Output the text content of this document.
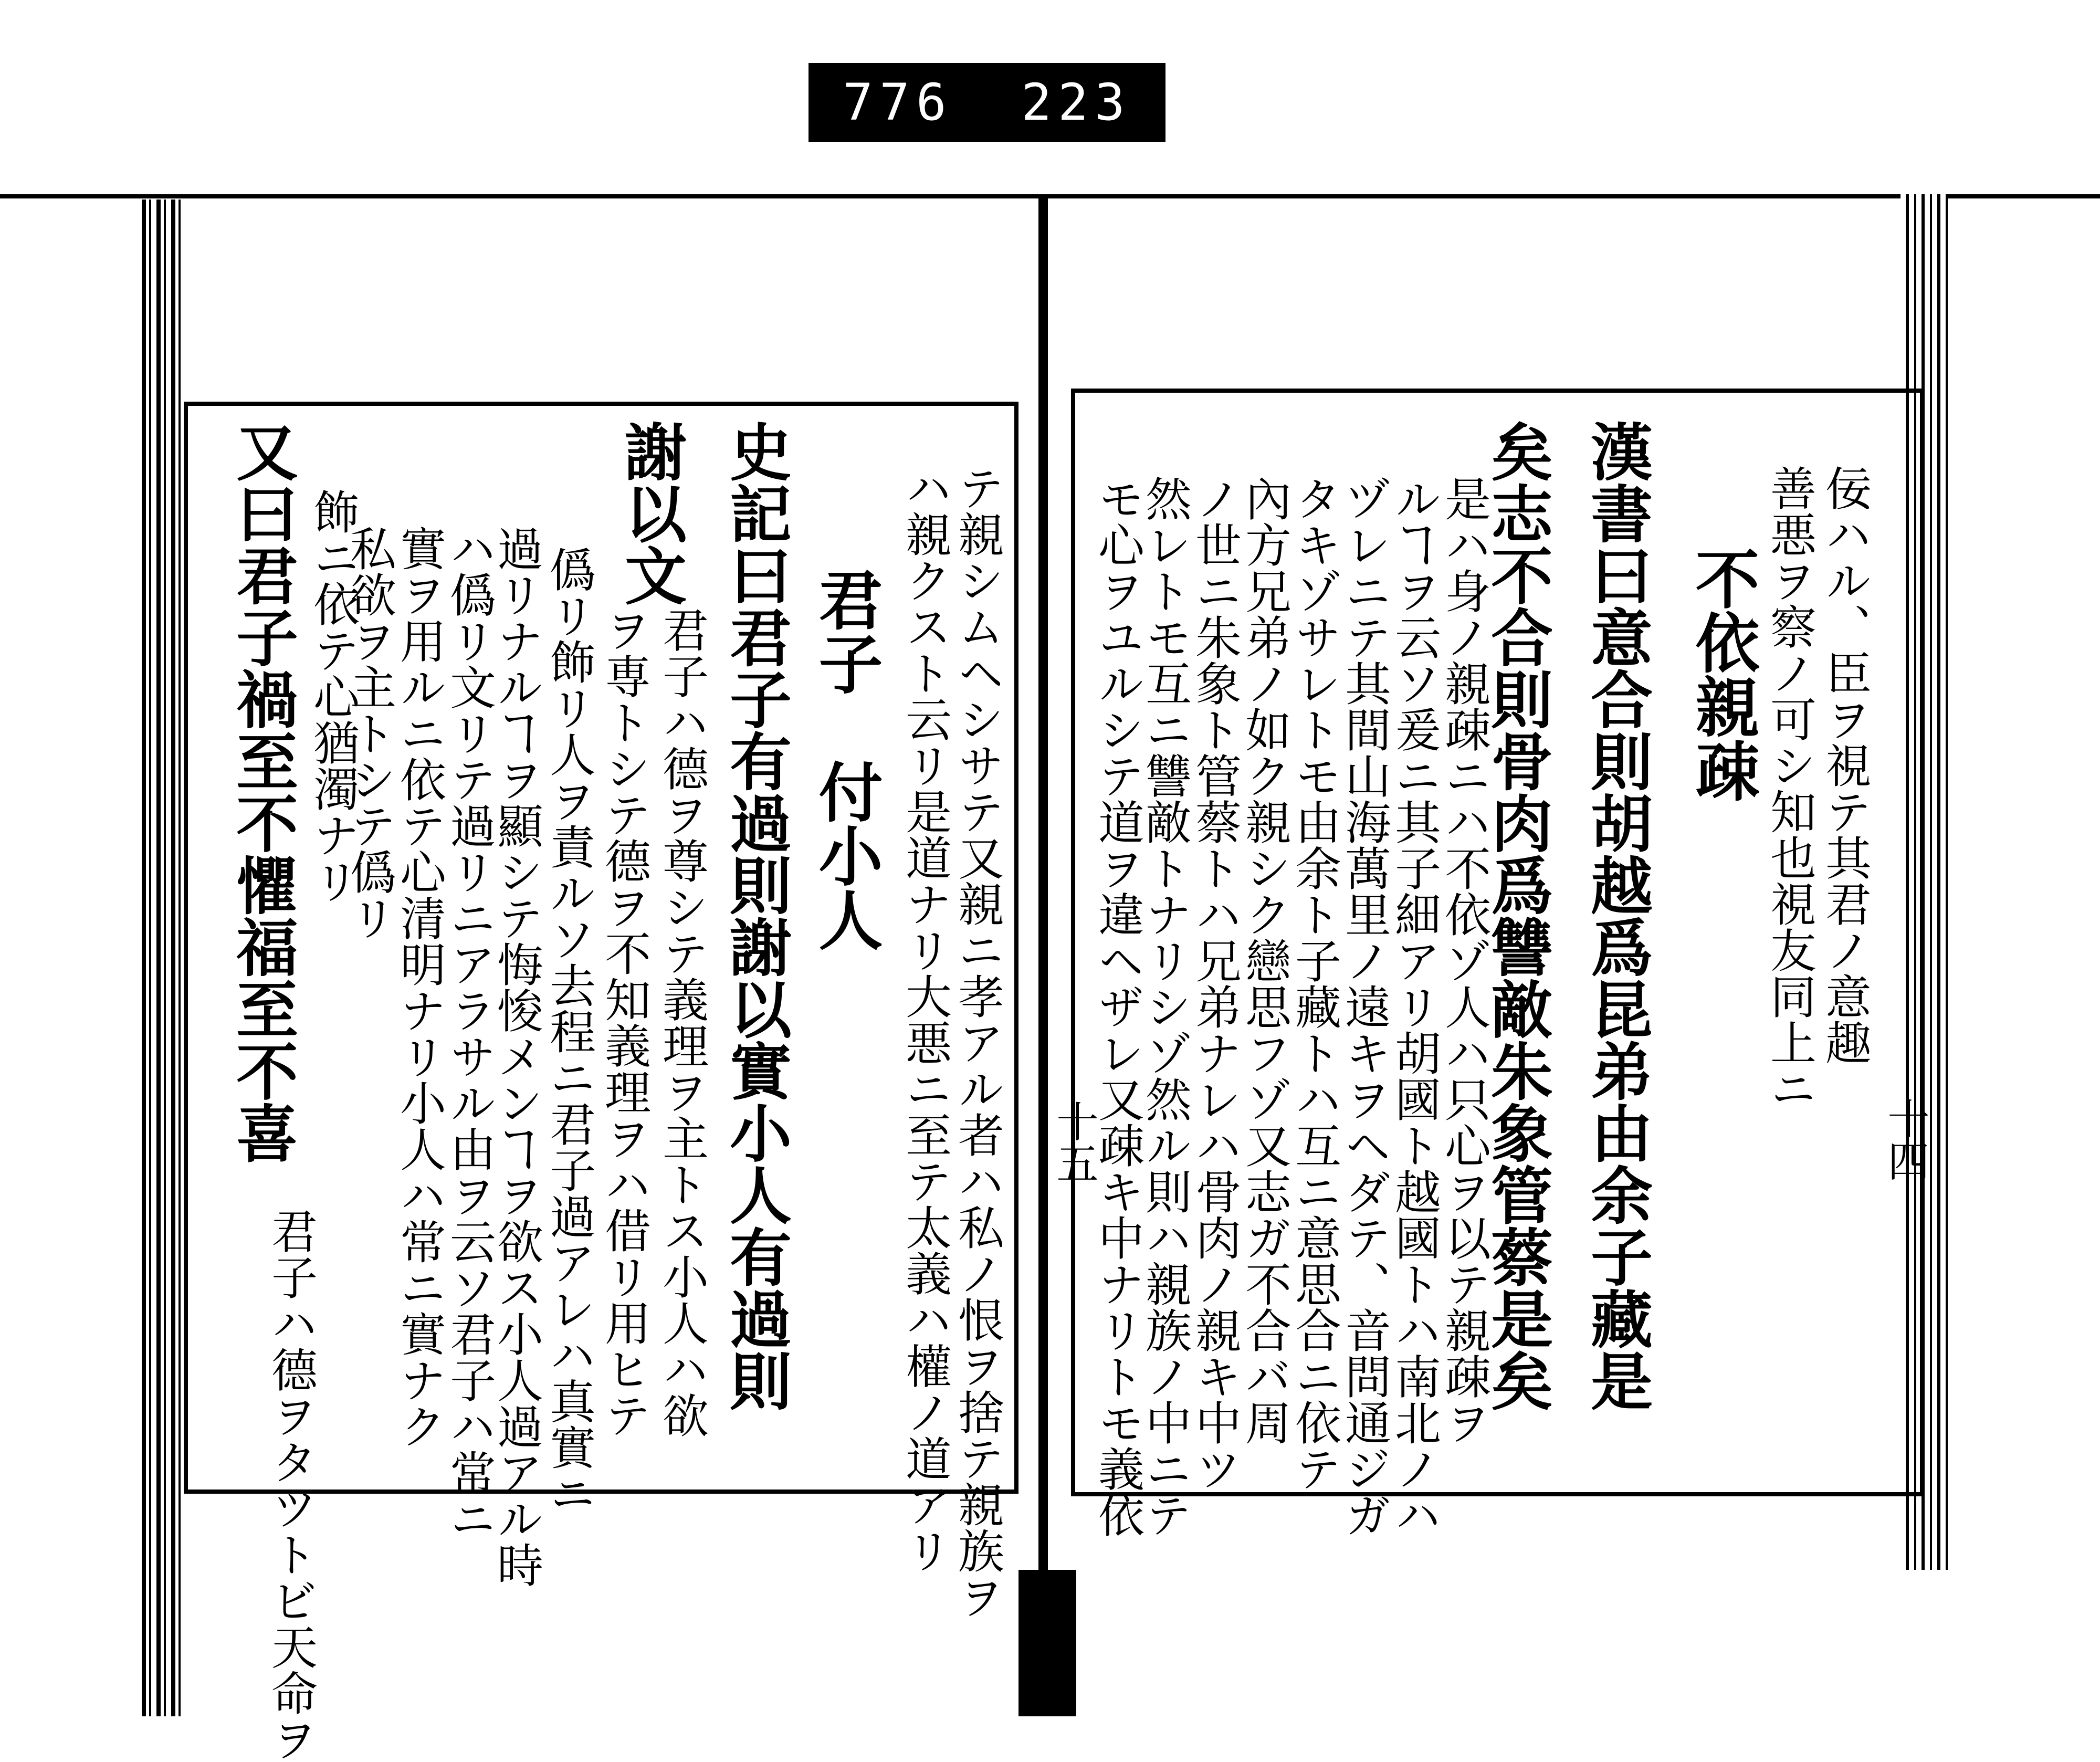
776 223
十五	十四
テ親シムヘシサテ又親ニ孝アル者ハ私ノ恨ヲ捨テ親族ヲ
ハ親クスト云リ是道ナリ大悪ニ至テ太義ハ權ノ道アリ
君子　付小人
史記曰君子有過則謝以實小人有過則
謝以文
君子ハ德ヲ尊シテ義理ヲ主トス小人ハ欲
ヲ専トシテ德ヲ不知義理ヲハ借リ用ヒテ
僞リ飾リ人ヲ責ルソ去程ニ君子過アレハ真實ニ
過リナルヿヲ顯シテ悔悛メンヿヲ欲ス小人過アル時
ハ僞リ文リテ過リニアラサル由ヲ云ソ君子ハ常ニ
實ヲ用ルニ依テ心清明ナリ小人ハ常ニ實ナク
私欲ヲ主トシテ僞リ
飾ニ依テ心猶濁ナリ
又曰君子禍至不懼福至不喜
君子ハ德ヲタツトビ天命ヲ
佞ハル、臣ヲ視テ其君ノ意趣
善悪ヲ察ノ可シ知也視友同上ニ
不依親疎
漢書曰意合則胡越爲昆弟由余子藏是
矣志不合則骨肉爲讐敵朱象管蔡是矣
是ハ身ノ親疎ニハ不依ゾ人ハ只心ヲ以テ親疎ヲ
ルヿヲ云ソ爰ニ其子細アリ胡國ト越國トハ南北ノハ
ヅレニテ其間山海萬里ノ遠キヲヘダテ、音問通ジガ
タキゾサレトモ由余ト子藏トハ互ニ意思合ニ依テ
內方兄弟ノ如ク親シク戀思フゾ又志ガ不合バ周
ノ世ニ朱象ト管蔡トハ兄弟ナレハ骨肉ノ親キ中ツ
然レトモ互ニ讐敵トナリシゾ然ル則ハ親族ノ中ニテ
モ心ヲユルシテ道ヲ違ヘザレ又疎キ中ナリトモ義依
